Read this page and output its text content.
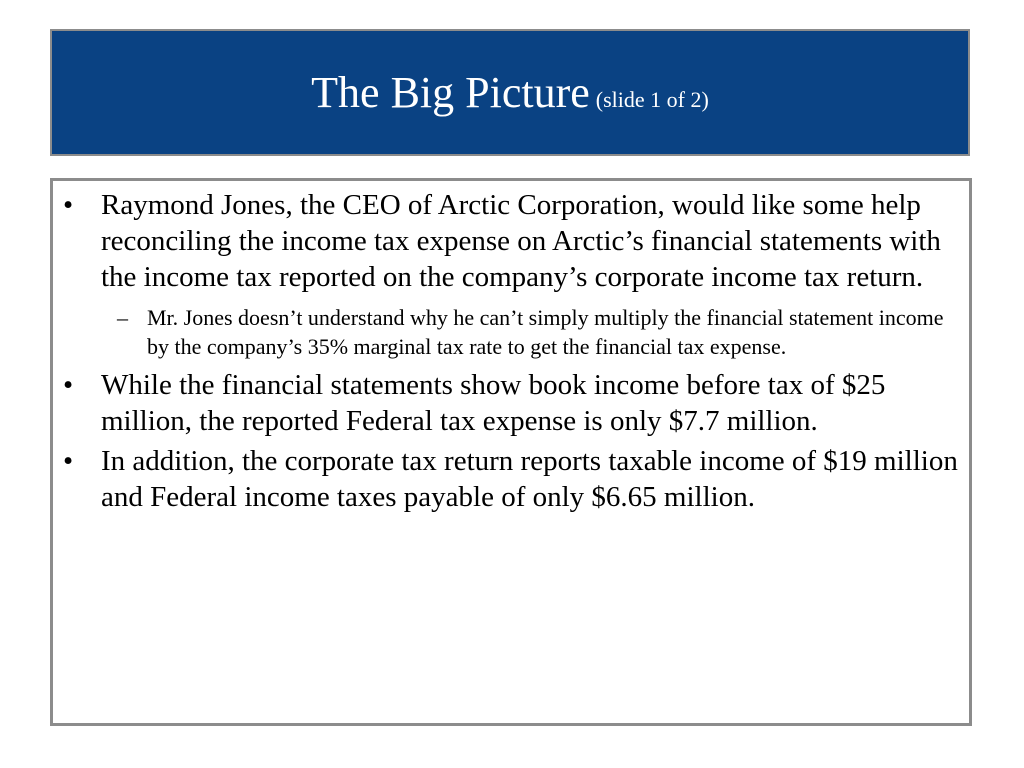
The Big Picture (slide 1 of 2)
• Raymond Jones, the CEO of Arctic Corporation, would like some help reconciling the income tax expense on Arctic’s financial statements with the income tax reported on the company’s corporate income tax return.
– Mr. Jones doesn’t understand why he can’t simply multiply the financial statement income by the company’s 35% marginal tax rate to get the financial tax expense.
• While the financial statements show book income before tax of $25 million, the reported Federal tax expense is only $7.7 million.
• In addition, the corporate tax return reports taxable income of $19 million and Federal income taxes payable of only $6.65 million.
